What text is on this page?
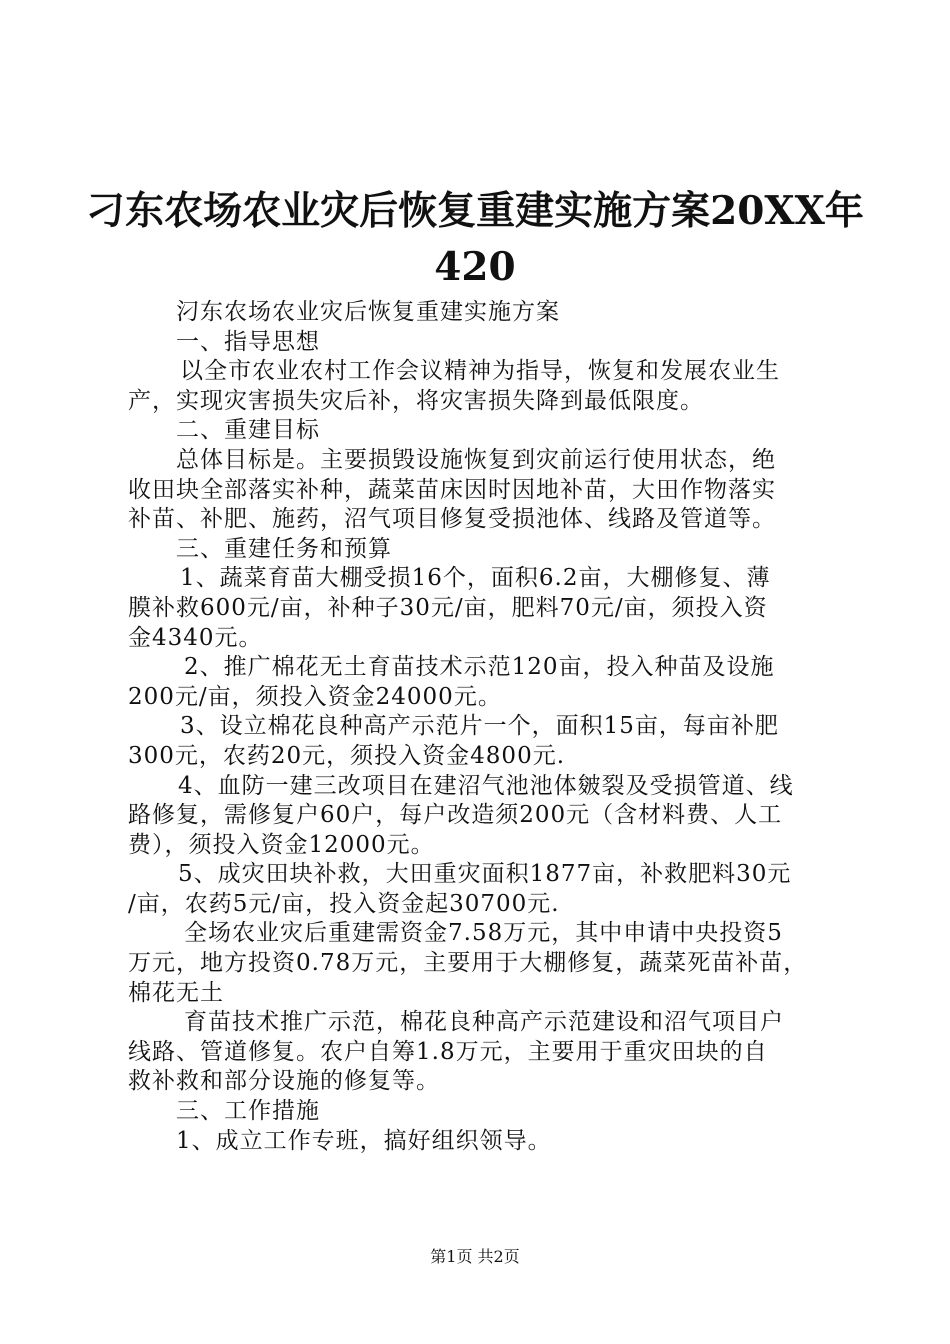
刁东农场农业灾后恢复重建实施方案20XX年
420

汈东农场农业灾后恢复重建实施方案

一、指导思想

以全市农业农村工作会议精神为指导，恢复和发展农业生

产，实现灾害损失灾后补，将灾害损失降到最低限度。

二、重建目标

总体目标是。主要损毁设施恢复到灾前运行使用状态，绝

收田块全部落实补种，蔬菜苗床因时因地补苗，大田作物落实

补苗、补肥、施药，沼气项目修复受损池体、线路及管道等。

三、重建任务和预算

1、蔬菜育苗大棚受损16个，面积6.2亩，大棚修复、薄

膜补救600元/亩，补种子30元/亩，肥料70元/亩，须投入资

金4340元。

2、推广棉花无土育苗技术示范120亩，投入种苗及设施

200元/亩，须投入资金24000元。

3、设立棉花良种高产示范片一个，面积15亩，每亩补肥

300元，农药20元，须投入资金4800元.

4、血防一建三改项目在建沼气池池体皴裂及受损管道、线

路修复，需修复户60户，每户改造须200元（含材料费、人工

费），须投入资金12000元。

5、成灾田块补救，大田重灾面积1877亩，补救肥料30元

/亩，农药5元/亩，投入资金起30700元.

全场农业灾后重建需资金7.58万元，其中申请中央投资5

万元，地方投资0.78万元，主要用于大棚修复，蔬菜死苗补苗，

棉花无土

育苗技术推广示范，棉花良种高产示范建设和沼气项目户

线路、管道修复。农户自筹1.8万元，主要用于重灾田块的自

救补救和部分设施的修复等。

三、工作措施

1、成立工作专班，搞好组织领导。

第1页 共2页
